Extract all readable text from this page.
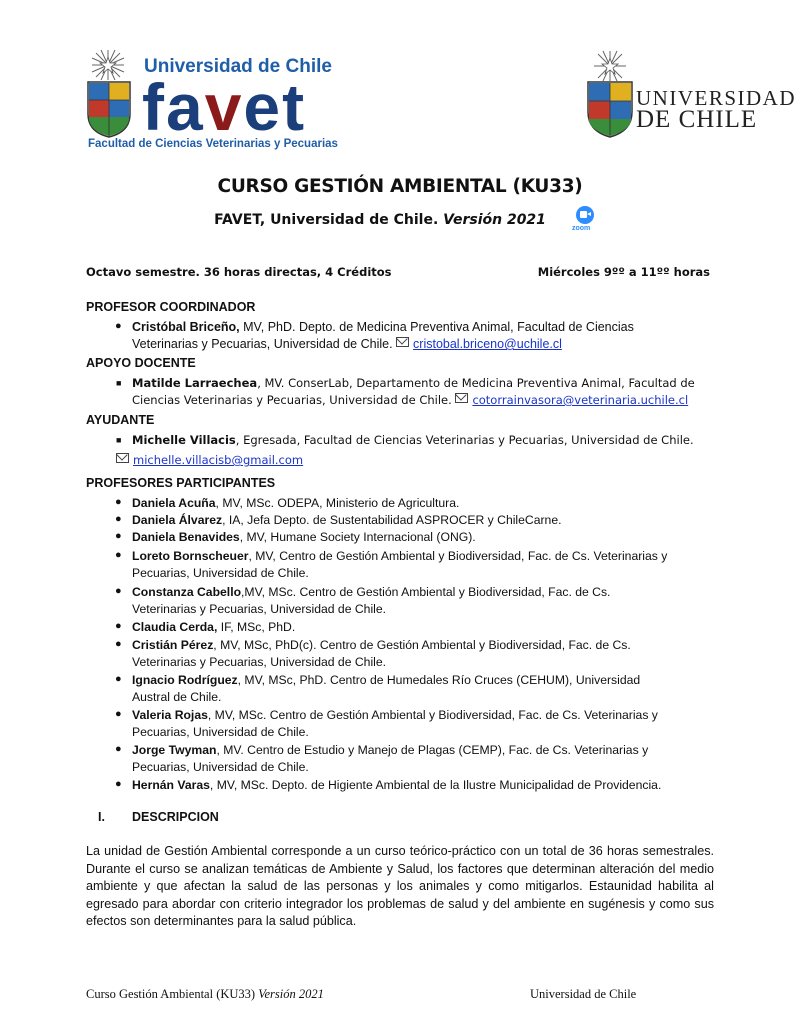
Universidad de Chile
favet
Facultad de Ciencias Veterinarias y Pecuarias
UNIVERSIDAD
DE CHILE
CURSO GESTIÓN AMBIENTAL (KU33)
FAVET, Universidad de Chile. Versión 2021
zoom
Octavo semestre. 36 horas directas, 4 Créditos	Miércoles 9ºº a 11ºº horas
PROFESOR COORDINADOR
● Cristóbal Briceño, MV, PhD. Depto. de Medicina Preventiva Animal, Facultad de Ciencias
Veterinarias y Pecuarias, Universidad de Chile. cristobal.briceno@uchile.cl
APOYO DOCENTE
■ Matilde Larraechea, MV. ConserLab, Departamento de Medicina Preventiva Animal, Facultad de
Ciencias Veterinarias y Pecuarias, Universidad de Chile. cotorrainvasora@veterinaria.uchile.cl
AYUDANTE
■ Michelle Villacis, Egresada, Facultad de Ciencias Veterinarias y Pecuarias, Universidad de Chile.
michelle.villacisb@gmail.com
PROFESORES PARTICIPANTES
● Daniela Acuña, MV, MSc. ODEPA, Ministerio de Agricultura.
● Daniela Álvarez, IA, Jefa Depto. de Sustentabilidad ASPROCER y ChileCarne.
● Daniela Benavides, MV, Humane Society Internacional (ONG).
● Loreto Bornscheuer, MV, Centro de Gestión Ambiental y Biodiversidad, Fac. de Cs. Veterinarias y
Pecuarias, Universidad de Chile.
● Constanza Cabello,MV, MSc. Centro de Gestión Ambiental y Biodiversidad, Fac. de Cs.
Veterinarias y Pecuarias, Universidad de Chile.
● Claudia Cerda, IF, MSc, PhD.
● Cristián Pérez, MV, MSc, PhD(c). Centro de Gestión Ambiental y Biodiversidad, Fac. de Cs.
Veterinarias y Pecuarias, Universidad de Chile.
● Ignacio Rodríguez, MV, MSc, PhD. Centro de Humedales Río Cruces (CEHUM), Universidad
Austral de Chile.
● Valeria Rojas, MV, MSc. Centro de Gestión Ambiental y Biodiversidad, Fac. de Cs. Veterinarias y
Pecuarias, Universidad de Chile.
● Jorge Twyman, MV. Centro de Estudio y Manejo de Plagas (CEMP), Fac. de Cs. Veterinarias y
Pecuarias, Universidad de Chile.
● Hernán Varas, MV, MSc. Depto. de Higiente Ambiental de la Ilustre Municipalidad de Providencia.
I. DESCRIPCION
La unidad de Gestión Ambiental corresponde a un curso teórico-práctico con un total de 36 horas semestrales. Durante el curso se analizan temáticas de Ambiente y Salud, los factores que determinan alteración del medio ambiente y que afectan la salud de las personas y los animales y como mitigarlos. Estaunidad habilita al egresado para abordar con criterio integrador los problemas de salud y del ambiente en sugénesis y como sus efectos son determinantes para la salud pública.
Curso Gestión Ambiental (KU33) Versión 2021	Universidad de Chile
